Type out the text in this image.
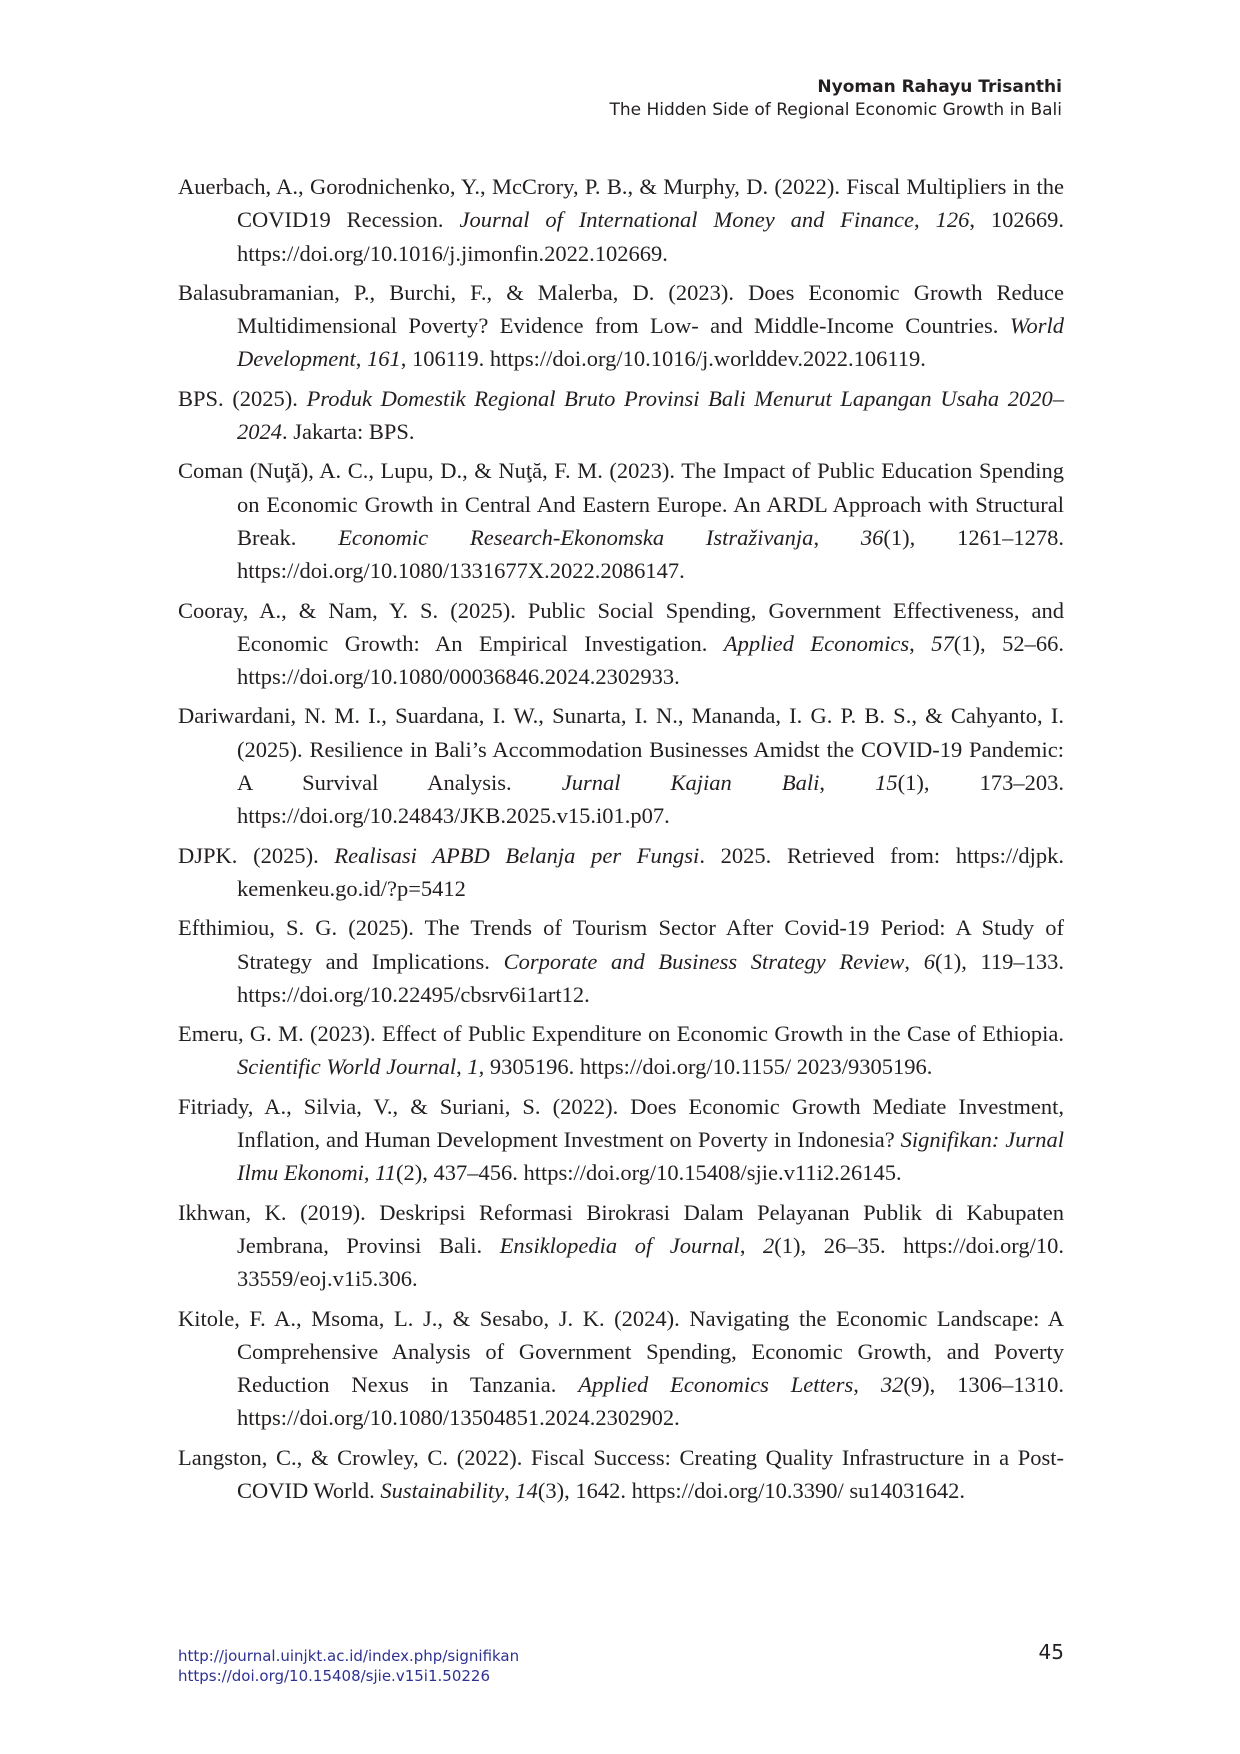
Nyoman Rahayu Trisanthi
The Hidden Side of Regional Economic Growth in Bali

Auerbach, A., Gorodnichenko, Y., McCrory, P. B., & Murphy, D. (2022). Fiscal Multipliers in the COVID19 Recession. Journal of International Money and Finance, 126, 102669. https://doi.org/10.1016/j.jimonfin.2022.102669.

Balasubramanian, P., Burchi, F., & Malerba, D. (2023). Does Economic Growth Reduce Multidimensional Poverty? Evidence from Low- and Middle-Income Countries. World Development, 161, 106119. https://doi.org/10.1016/j.worlddev.2022.106119.

BPS. (2025). Produk Domestik Regional Bruto Provinsi Bali Menurut Lapangan Usaha 2020–2024. Jakarta: BPS.

Coman (Nuţă), A. C., Lupu, D., & Nuţă, F. M. (2023). The Impact of Public Education Spending on Economic Growth in Central And Eastern Europe. An ARDL Approach with Structural Break. Economic Research-Ekonomska Istraživanja, 36(1), 1261–1278. https://doi.org/10.1080/1331677X.2022.2086147.

Cooray, A., & Nam, Y. S. (2025). Public Social Spending, Government Effectiveness, and Economic Growth: An Empirical Investigation. Applied Economics, 57(1), 52–66. https://doi.org/10.1080/00036846.2024.2302933.

Dariwardani, N. M. I., Suardana, I. W., Sunarta, I. N., Mananda, I. G. P. B. S., & Cahyanto, I. (2025). Resilience in Bali’s Accommodation Businesses Amidst the COVID-19 Pandemic: A Survival Analysis. Jurnal Kajian Bali, 15(1), 173–203. https://doi.org/10.24843/JKB.2025.v15.i01.p07.

DJPK. (2025). Realisasi APBD Belanja per Fungsi. 2025. Retrieved from: https://djpk. kemenkeu.go.id/?p=5412

Efthimiou, S. G. (2025). The Trends of Tourism Sector After Covid-19 Period: A Study of Strategy and Implications. Corporate and Business Strategy Review, 6(1), 119–133. https://doi.org/10.22495/cbsrv6i1art12.

Emeru, G. M. (2023). Effect of Public Expenditure on Economic Growth in the Case of Ethiopia. Scientific World Journal, 1, 9305196. https://doi.org/10.1155/ 2023/9305196.

Fitriady, A., Silvia, V., & Suriani, S. (2022). Does Economic Growth Mediate Investment, Inflation, and Human Development Investment on Poverty in Indonesia? Signifikan: Jurnal Ilmu Ekonomi, 11(2), 437–456. https://doi.org/10.15408/sjie.v11i2.26145.

Ikhwan, K. (2019). Deskripsi Reformasi Birokrasi Dalam Pelayanan Publik di Kabupaten Jembrana, Provinsi Bali. Ensiklopedia of Journal, 2(1), 26–35. https://doi.org/10. 33559/eoj.v1i5.306.

Kitole, F. A., Msoma, L. J., & Sesabo, J. K. (2024). Navigating the Economic Landscape: A Comprehensive Analysis of Government Spending, Economic Growth, and Poverty Reduction Nexus in Tanzania. Applied Economics Letters, 32(9), 1306–1310. https://doi.org/10.1080/13504851.2024.2302902.

Langston, C., & Crowley, C. (2022). Fiscal Success: Creating Quality Infrastructure in a Post-COVID World. Sustainability, 14(3), 1642. https://doi.org/10.3390/ su14031642.

http://journal.uinjkt.ac.id/index.php/signifikan
https://doi.org/10.15408/sjie.v15i1.50226
45
